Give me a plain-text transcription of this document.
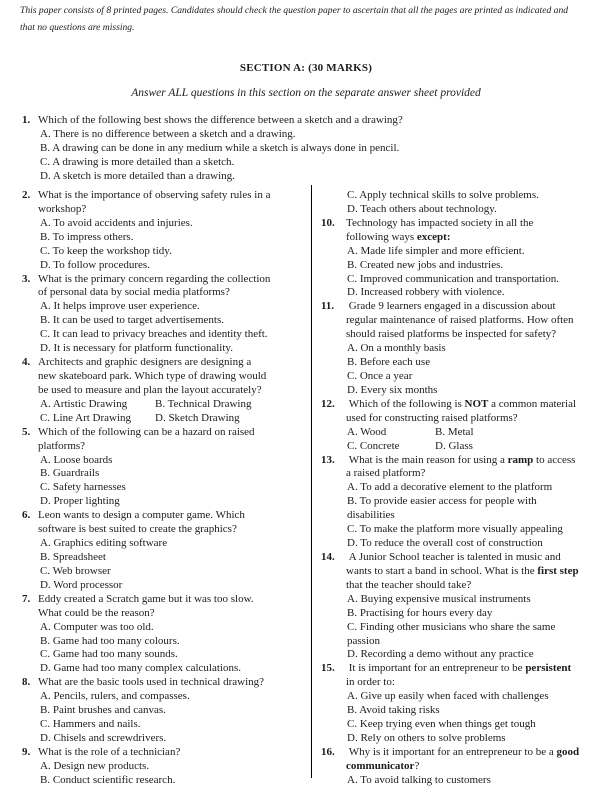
This paper consists of 8 printed pages. Candidates should check the question paper to ascertain that all the pages are printed as indicated and
that no questions are missing.
SECTION A: (30 MARKS)
Answer ALL questions in this section on the separate answer sheet provided
1. Which of the following best shows the difference between a sketch and a drawing?
A. There is no difference between a sketch and a drawing.
B. A drawing can be done in any medium while a sketch is always done in pencil.
C. A drawing is more detailed than a sketch.
D. A sketch is more detailed than a drawing.
2. What is the importance of observing safety rules in a
workshop?
A. To avoid accidents and injuries.
B. To impress others.
C. To keep the workshop tidy.
D. To follow procedures.
3. What is the primary concern regarding the collection
of personal data by social media platforms?
A. It helps improve user experience.
B. It can be used to target advertisements.
C. It can lead to privacy breaches and identity theft.
D. It is necessary for platform functionality.
4. Architects and graphic designers are designing a
new skateboard park. Which type of drawing would
be used to measure and plan the layout accurately?
A. Artistic Drawing	B. Technical Drawing
C. Line Art Drawing D. Sketch Drawing
5. Which of the following can be a hazard on raised
platforms?
A. Loose boards
B. Guardrails
C. Safety harnesses
D. Proper lighting
6. Leon wants to design a computer game. Which
software is best suited to create the graphics?
A. Graphics editing software
B. Spreadsheet
C. Web browser
D. Word processor
7. Eddy created a Scratch game but it was too slow.
What could be the reason?
A. Computer was too old.
B. Game had too many colours.
C. Game had too many sounds.
D. Game had too many complex calculations.
8. What are the basic tools used in technical drawing?
A. Pencils, rulers, and compasses.
B. Paint brushes and canvas.
C. Hammers and nails.
D. Chisels and screwdrivers.
9. What is the role of a technician?
A. Design new products.
B. Conduct scientific research.
C. Apply technical skills to solve problems.
D. Teach others about technology.
10. Technology has impacted society in all the
following ways except:
A. Made life simpler and more efficient.
B. Created new jobs and industries.
C. Improved communication and transportation.
D. Increased robbery with violence.
11. Grade 9 learners engaged in a discussion about
regular maintenance of raised platforms. How often
should raised platforms be inspected for safety?
A. On a monthly basis
B. Before each use
C. Once a year
D. Every six months
12. Which of the following is NOT a common material
used for constructing raised platforms?
A. Wood	B. Metal
C. Concrete	D. Glass
13. What is the main reason for using a ramp to access
a raised platform?
A. To add a decorative element to the platform
B. To provide easier access for people with
disabilities
C. To make the platform more visually appealing
D. To reduce the overall cost of construction
14. A Junior School teacher is talented in music and
wants to start a band in school. What is the first step
that the teacher should take?
A. Buying expensive musical instruments
B. Practising for hours every day
C. Finding other musicians who share the same
passion
D. Recording a demo without any practice
15. It is important for an entrepreneur to be persistent
in order to:
A. Give up easily when faced with challenges
B. Avoid taking risks
C. Keep trying even when things get tough
D. Rely on others to solve problems
16. Why is it important for an entrepreneur to be a good
communicator?
A. To avoid talking to customers
